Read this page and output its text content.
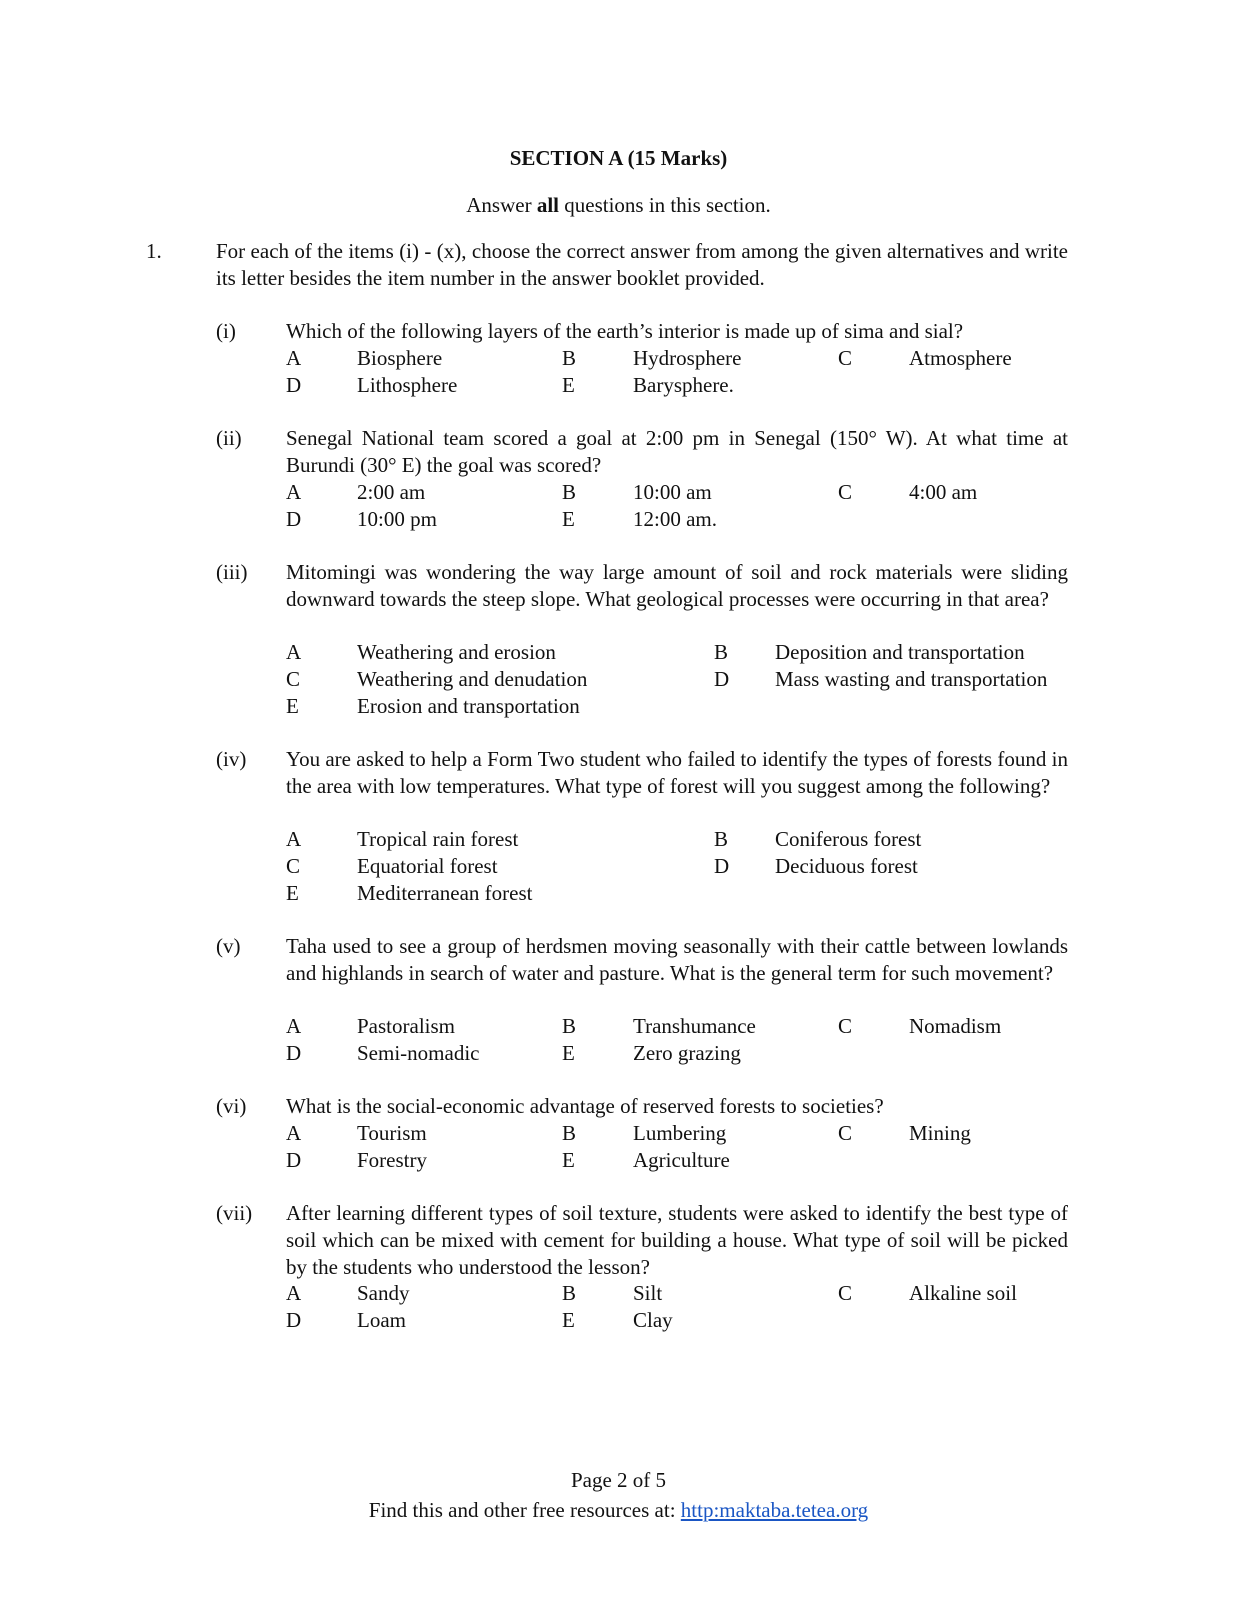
SECTION A (15 Marks)
Answer all questions in this section.
1.	For each of the items (i) - (x), choose the correct answer from among the given alternatives and write its letter besides the item number in the answer booklet provided.
(i) Which of the following layers of the earth’s interior is made up of sima and sial?
A	Biosphere	B	Hydrosphere	C	Atmosphere
D	Lithosphere	E	Barysphere.
(ii) Senegal National team scored a goal at 2:00 pm in Senegal (150° W). At what time at Burundi (30° E) the goal was scored?
A	2:00 am	B	10:00 am	C	4:00 am
D	10:00 pm	E	12:00 am.
(iii) Mitomingi was wondering the way large amount of soil and rock materials were sliding downward towards the steep slope. What geological processes were occurring in that area?
A	Weathering and erosion	B Deposition and transportation
C	Weathering and denudation	D Mass wasting and transportation
E	Erosion and transportation
(iv) You are asked to help a Form Two student who failed to identify the types of forests found in the area with low temperatures. What type of forest will you suggest among the following?
A	Tropical rain forest	B Coniferous forest
C	Equatorial forest	D Deciduous forest
E	Mediterranean forest
(v) Taha used to see a group of herdsmen moving seasonally with their cattle between lowlands and highlands in search of water and pasture. What is the general term for such movement?
A	Pastoralism	B	Transhumance	C	Nomadism
D	Semi-nomadic	E	Zero grazing
(vi) What is the social-economic advantage of reserved forests to societies?
A	Tourism	B	Lumbering	C	Mining
D	Forestry	E	Agriculture
(vii) After learning different types of soil texture, students were asked to identify the best type of soil which can be mixed with cement for building a house. What type of soil will be picked by the students who understood the lesson?
A	Sandy	B	Silt	C	Alkaline soil
D	Loam	E	Clay
Page 2 of 5
Find this and other free resources at: http:maktaba.tetea.org
